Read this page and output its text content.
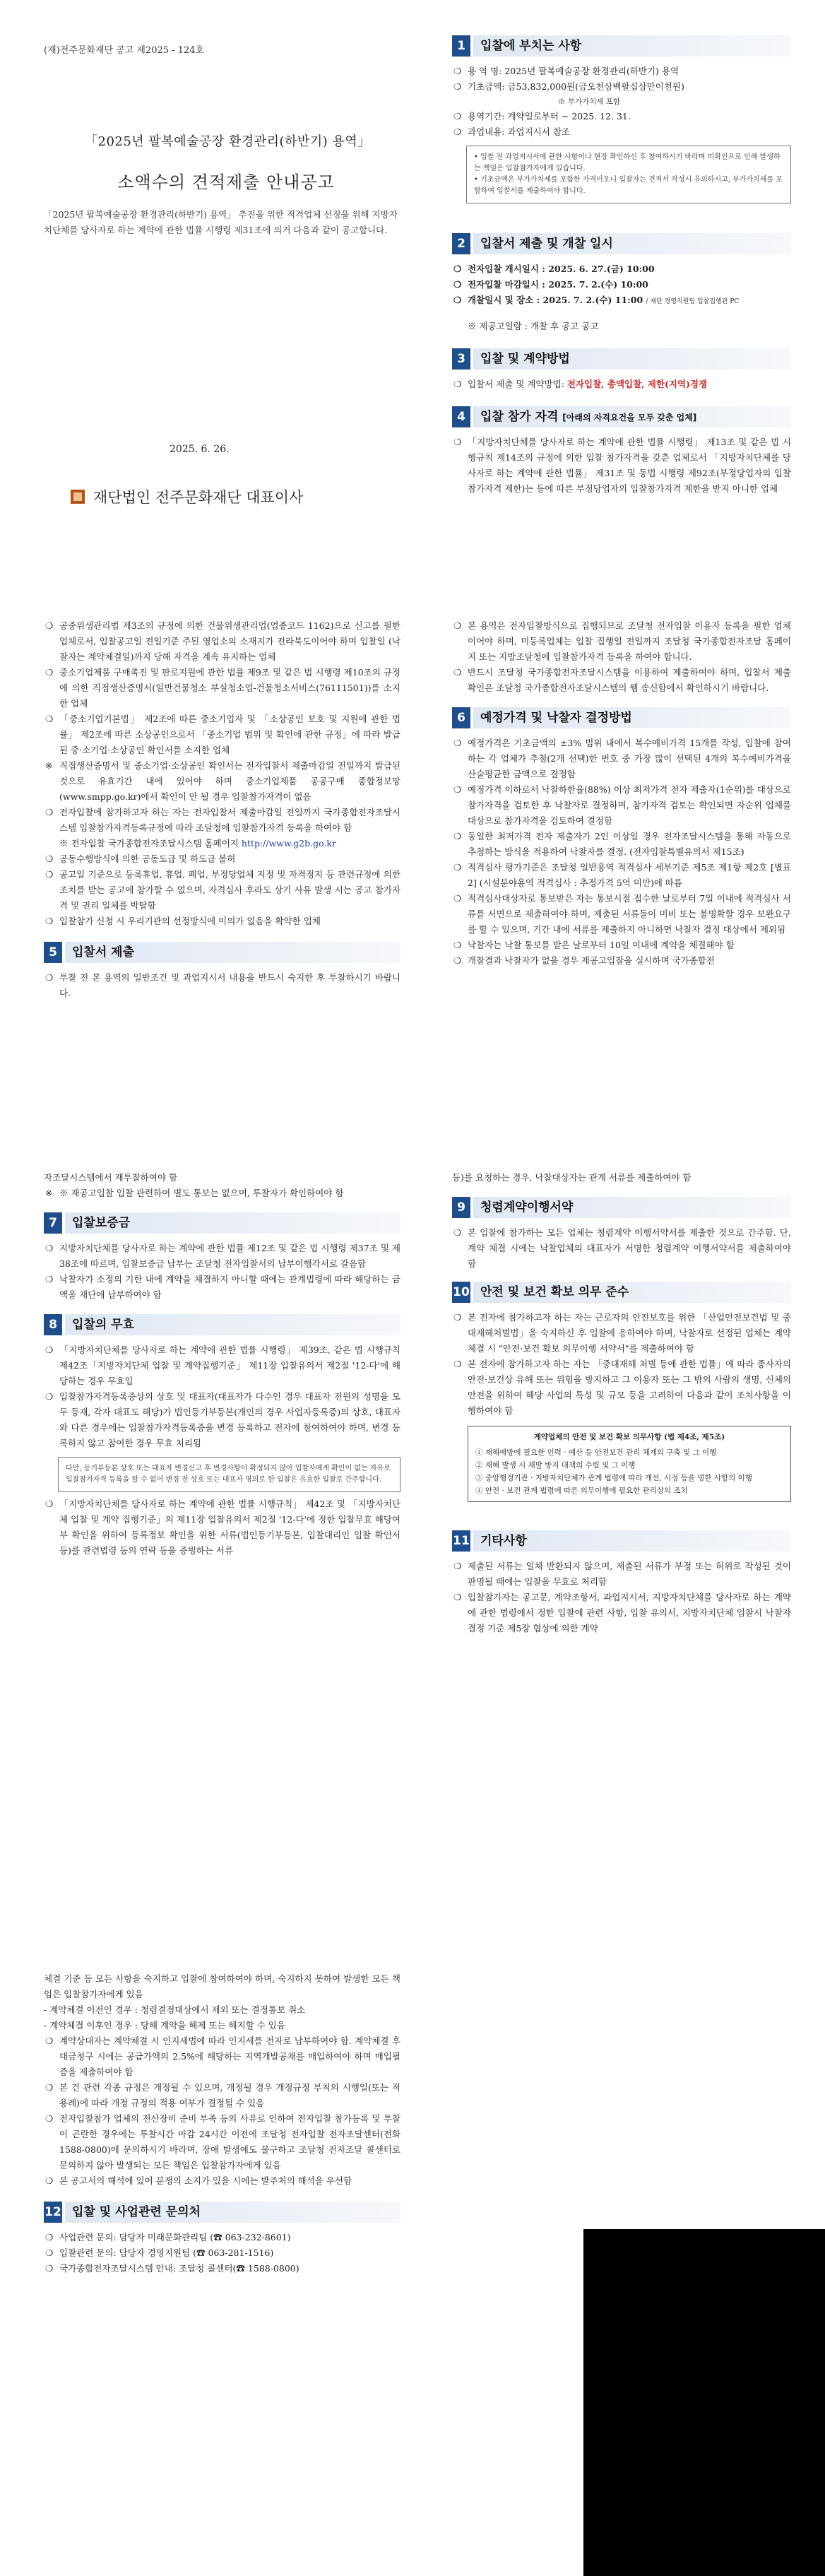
(재)전주문화재단 공고 제2025 - 124호
「2025년 팔복예술공장 환경관리(하반기) 용역」
소액수의 견적제출 안내공고
「2025년 팔복예술공장 환경관리(하반기) 용역」 추진을 위한 적격업체 선정을 위해 지방자치단체를 당사자로 하는 계약에 관한 법률 시행령 제31조에 의거 다음과 같이 공고합니다.
2025. 6. 26.
재단법인 전주문화재단 대표이사
1	입찰에 부치는 사항

❍ 용 역 명: 2025년 팔복예술공장 환경관리(하반기) 용역

❍ 기초금액: 금53,832,000원(금오천삼백팔십삼만이천원)

※ 부가가치세 포함

❍ 용역기간: 계약일로부터 ~ 2025. 12. 31.

❍ 과업내용: 과업지시서 참조

• 입찰 전 과업지시서에 관한 사항이나 현장 확인하신 후 참여하시기 바라며 미확인으로 인해 발생하는 책임은 입찰참가자에게 있습니다.

• 기초금액은 부가가치세를 포함한 가격이오니 입찰자는 견적서 작성시 유의하시고, 부가가치세를 포함하여 입찰서를 제출하여야 합니다.

2	입찰서 제출 및 개찰 일시

❍ 전자입찰 개시일시 : 2025. 6. 27.(금) 10:00

❍ 전자입찰 마감일시 : 2025. 7. 2.(수) 10:00

❍ 개찰일시 및 장소 : 2025. 7. 2.(수) 11:00 / 재단 경영지원팀 입찰집행관 PC

※ 제공고일람 : 개찰 후 공고 공고

3	입찰 및 계약방법

❍ 입찰서 제출 및 계약방법: 전자입찰, 총액입찰, 제한(지역)경쟁

4	입찰 참가 자격 [아래의 자격요건을 모두 갖춘 업체]

❍ 「지방자치단체를 당사자로 하는 계약에 관한 법률 시행령」 제13조 및 같은 법 시행규칙 제14조의 규정에 의한 입찰 참가자격을 갖춘 업체로서 「지방자치단체를 당사자로 하는 계약에 관한 법률」 제31조 및 동법 시행령 제92조(부정당업자의 입찰참가자격 제한)는 등에 따른 부정당업자의 입찰참가자격 제한을 받지 아니한 업체

❍ 공중위생관리법 제3조의 규정에 의한 건물위생관리업(업종코드 1162)으로 신고를 필한 업체로서, 입찰공고일 전일기준 주된 영업소의 소재지가 전라북도이어야 하며 입찰일 (낙찰자는 계약체결일)까지 당해 자격을 계속 유지하는 업체

❍ 중소기업제품 구매촉진 및 판로지원에 관한 법률 제9조 및 같은 법 시행령 제10조의 규정에 의한 직접생산증명서(일반건물청소 부실청소업-건물청소서비스(76111501))를 소지한 업체

❍ 「중소기업기본법」 제2조에 따른 중소기업자 및 「소상공인 보호 및 지원에 관한 법률」 제2조에 따른 소상공인으로서 「중소기업 범위 및 확인에 관한 규정」에 따라 발급된 중·소기업·소상공인 확인서를 소지한 업체

※ 직접생산증명서 및 중소기업·소상공인 확인서는 전자입찰서 제출마감일 전일까지 발급된 것으로 유효기간 내에 있어야 하며 중소기업제품 공공구매 종합정보망(www.smpp.go.kr)에서 확인이 안 될 경우 입찰참가자격이 없음

❍ 전자입찰에 참가하고자 하는 자는 전자입찰서 제출마감일 전일까지 국가종합전자조달시스템 입찰참가자격등록규정에 따라 조달청에 입찰참가자격 등록을 하여야 함

※ 전자입찰 국가종합전자조달시스템 홈페이지 http://www.g2b.go.kr

❍ 공동수행방식에 의한 공동도급 및 하도급 불허

❍ 공고일 기준으로 등록휴업, 휴업, 폐업, 부정당업체 지정 및 자격정지 등 관련규정에 의한 조치를 받는 공고에 참가할 수 없으며, 자격심사 후라도 상기 사유 발생 시는 공고 참가자격 및 권리 일체를 박탈함

❍ 입찰참가 신청 시 우리기관의 선정방식에 이의가 없음을 확약한 업체

5	입찰서 제출

❍ 투찰 전 본 용역의 일반조건 및 과업지시서 내용을 반드시 숙지한 후 투찰하시기 바랍니다.

❍ 본 용역은 전자입찰방식으로 집행되므로 조달청 전자입찰 이용자 등록을 필한 업체이어야 하며, 미등록업체는 입찰 집행일 전일까지 조달청 국가종합전자조달 홈페이지 또는 지방조달청에 입찰참가자격 등록을 하여야 합니다.

❍ 반드시 조달청 국가종합전자조달시스템을 이용하여 제출하여야 하며, 입찰서 제출 확인은 조달청 국가종합전자조달시스템의 웹 송신함에서 확인하시기 바랍니다.

6	예정가격 및 낙찰자 결정방법

❍ 예정가격은 기초금액의 ±3% 범위 내에서 복수예비가격 15개를 작성, 입찰에 참여하는 각 업체가 추첨(2개 선택)한 번호 중 가장 많이 선택된 4개의 복수예비가격을 산술평균한 금액으로 결정함

❍ 예정가격 이하로서 낙찰하한율(88%) 이상 최저가격 전자 제출자(1순위)를 대상으로 참가자격을 검토한 후 낙찰자로 결정하며, 참가자격 검토는 확인되면 자순위 업체를 대상으로 참가자격을 검토하여 결정함

❍ 동일한 최저가격 전자 제출자가 2인 이상일 경우 전자조달시스템을 통해 자동으로 추첨하는 방식을 적용하여 낙찰자를 결정. (전자입찰특별유의서 제15조)

❍ 적격심사 평가기준은 조달청 일반용역 적격심사 세부기준 제5조 제1항 제2호 [별표 2] (시설분야용역 적격심사 : 추정가격 5억 미만)에 따름

❍ 적격심사대상자로 통보받은 자는 통보시점 접수한 날로부터 7일 이내에 적격심사 서류를 서면으로 제출하여야 하며, 제출된 서류들이 미비 또는 불명확할 경우 보완요구를 할 수 있으며, 기간 내에 서류를 제출하지 아니하면 낙찰자 결정 대상에서 제외됨

❍ 낙찰자는 낙찰 통보를 받은 날로부터 10일 이내에 계약을 체결해야 함

❍ 개찰결과 낙찰자가 없을 경우 재공고입찰을 실시하며 국가종합전

자조달시스템에서 재투찰하여야 함

※ ※ 재공고입찰 입찰 관련하여 별도 통보는 없으며, 투찰자가 확인하여야 함

7	입찰보증금

❍ 지방자치단체를 당사자로 하는 계약에 관한 법률 제12조 및 같은 법 시행령 제37조 및 제38조에 따르며, 입찰보증금 납부는 조달청 전자입찰서의 납부이행각서로 갈음함

❍ 낙찰자가 소정의 기한 내에 계약을 체결하지 아니할 때에는 관계법령에 따라 해당하는 금액을 재단에 납부하여야 함

8	입찰의 무효

❍ 「지방자치단체를 당사자로 하는 계약에 관한 법률 시행령」 제39조, 같은 법 시행규칙 제42조「지방자치단체 입찰 및 계약집행기준」 제11장 입찰유의서 제2절 '12-다'에 해당하는 경우 무효입

❍ 입찰참가자격등록증상의 상호 및 대표자(대표자가 다수인 경우 대표자 전원의 성명을 모두 등재, 각자 대표도 해당)가 법인등기부등본(개인의 경우 사업자등록증)의 상호, 대표자와 다른 경우에는 입찰참가자격등록증을 변경 등록하고 전자에 참여하여야 하며, 변경 등록하지 않고 참여한 경우 무효 처리됨

다만, 등기부등본 상호 또는 대표자 변경신고 후 변경사항이 확정되지 않아 입찰자에게 확인이 없는 자유로 입찰참가자격 등록을 할 수 없어 변경 전 상호 또는 대표자 명의로 한 입찰은 유효한 입찰로 간주합니다.

❍ 「지방자치단체를 당사자로 하는 계약에 관한 법률 시행규칙」 제42조 및 「지방자치단체 입찰 및 계약 집행기준」의 제11장 입찰유의서 제2절 '12-다'에 정한 입찰무효 해당여부 확인을 위하여 등록정보 확인을 위한 서류(법인등기부등본, 입찰대리인 입찰 확인서 등)를 관련법령 등의 연락 등을 증빙하는 서류

등)를 요청하는 경우, 낙찰대상자는 관계 서류를 제출하여야 함

9	청렴계약이행서약

❍ 본 입찰에 참가하는 모든 업체는 청렴계약 이행서약서를 제출한 것으로 간주함. 단, 계약 체결 시에는 낙찰업체의 대표자가 서명한 청렴계약 이행서약서를 제출하여야 함

10 안전 및 보건 확보 의무 준수

❍ 본 전자에 참가하고자 하는 자는 근로자의 안전보호를 위한 「산업안전보건법 및 중대재해처벌법」을 숙지하신 후 입찰에 응하여야 하며, 낙찰자로 선정된 업체는 계약 체결 시 "안전·보건 확보 의무이행 서약서"를 제출하여야 함

❍ 본 전자에 참가하고자 하는 자는 「중대재해 처벌 등에 관한 법률」에 따라 종사자의 안전·보건상 유해 또는 위험을 방지하고 그 이용자 또는 그 밖의 사람의 생명, 신체의 안전을 위하여 해당 사업의 특성 및 규모 등을 고려하여 다음과 같이 조치사항을 이행하여야 함

계약업체의 안전 및 보건 확보 의무사항 (법 제4조, 제5조)
① 재해예방에 필요한 인력 · 예산 등 안전보건 관리 체계의 구축 및 그 이행
② 재해 발생 시 재발 방지 대책의 수립 및 그 이행
③ 중앙행정기관 · 지방자치단체가 관계 법령에 따라 개선, 시정 등을 명한 사항의 이행
④ 안전 · 보건 관계 법령에 따른 의무이행에 필요한 관리상의 조치
11 기타사항

❍ 제출된 서류는 일체 반환되지 않으며, 제출된 서류가 부정 또는 허위로 작성된 것이 판명될 때에는 입찰을 무효로 처리함

❍ 입찰참가자는 공고문, 계약조항서, 과업지시서, 지방자치단체를 당사자로 하는 계약에 관한 법령에서 정한 입찰에 관련 사항, 입찰 유의서, 지방자치단체 입찰시 낙찰자결정 기준 제5장 협상에 의한 계약

체결 기준 등 모든 사항을 숙지하고 입찰에 참여하여야 하며, 숙지하지 못하여 발생한 모든 책임은 입찰참가자에게 있음

- 계약체결 이전인 경우 : 청렴결정대상에서 제외 또는 결정통보 취소

- 계약체결 이후인 경우 : 당해 계약을 해제 또는 해지할 수 있음

❍ 계약상대자는 계약체결 시 인지세법에 따라 인지세를 전자로 납부하여야 함. 계약체결 후 대금청구 시에는 공급가액의 2.5%에 해당하는 지역개발공채를 매입하여야 하며 매입필증을 제출하여야 함

❍ 본 건 관련 각종 규정은 개정될 수 있으며, 개정될 경우 개정규정 부칙의 시행일(또는 적용례)에 따라 개정 규정의 적용 여부가 결정될 수 있음

❍ 전자입찰참가 업체의 전산장비 준비 부족 등의 사유로 인하여 전자입찰 참가등록 및 투찰이 곤란한 경우에는 투찰시간 마감 24시간 이전에 조달청 전자입찰 전자조달센터(전화 1588-0800)에 문의하시기 바라며, 장애 발생에도 불구하고 조달청 전자조달 콜센터로 문의하지 않아 발생되는 모든 책임은 입찰참가자에게 있음

❍ 본 공고서의 해석에 있어 분쟁의 소지가 있을 시에는 발주처의 해석을 우선함

12 입찰 및 사업관련 문의처

❍ 사업관련 문의: 담당자 미래문화관리팀 (☎ 063-232-8601)

❍ 입찰관련 문의: 담당자 경영지원팀 (☎ 063-281-1516)

❍ 국가종합전자조달시스템 안내: 조달청 콜센터(☎ 1588-0800)
